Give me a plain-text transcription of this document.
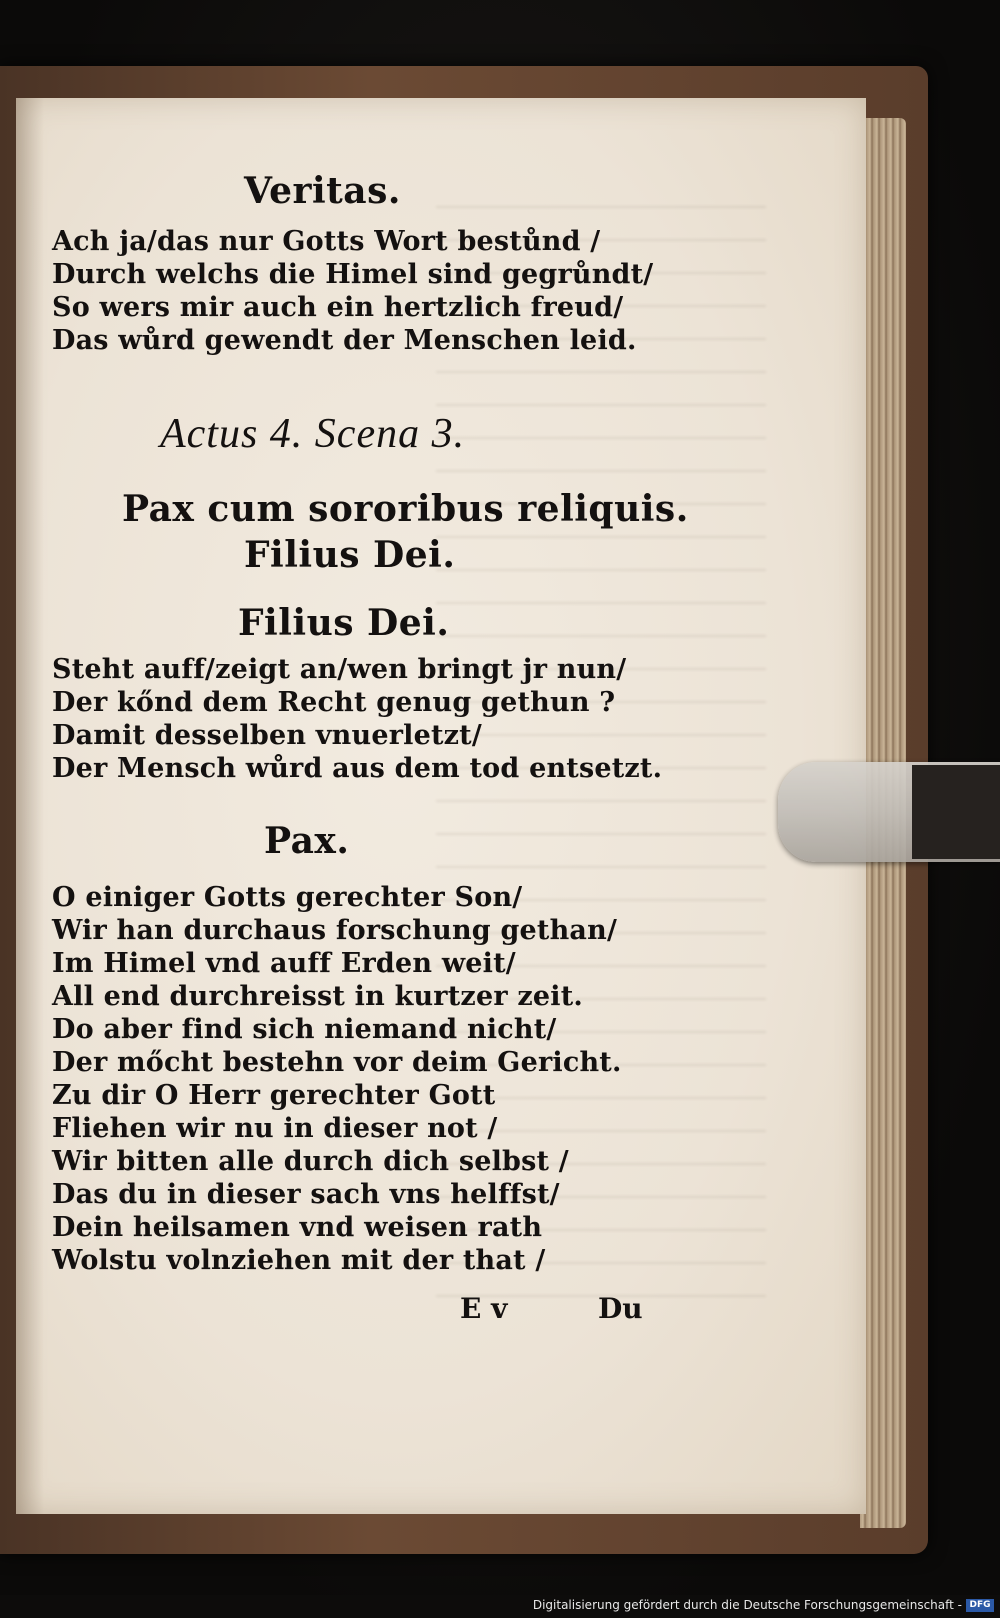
Veritas.
Ach ja/das nur Gotts Wort bestůnd /
Durch welchs die Himel sind gegrůndt/
So wers mir auch ein hertzlich freud/
Das wůrd gewendt der Menschen leid.
Actus 4. Scena 3.
Pax cum sororibus reliquis.
Filius Dei.
Filius Dei.
Steht auff/zeigt an/wen bringt jr nun/
Der kőnd dem Recht genug gethun ?
Damit desselben vnuerletzt/
Der Mensch wůrd aus dem tod entsetzt.
Pax.
O einiger Gotts gerechter Son/
Wir han durchaus forschung gethan/
Im Himel vnd auff Erden weit/
All end durchreisst in kurtzer zeit.
Do aber find sich niemand nicht/
Der mőcht bestehn vor deim Gericht.
Zu dir O Herr gerechter Gott
Fliehen wir nu in dieser not /
Wir bitten alle durch dich selbst /
Das du in dieser sach vns helffst/
Dein heilsamen vnd weisen rath
Wolstu volnziehen mit der that /
E v	Du
Digitalisierung gefördert durch die Deutsche Forschungsgemeinschaft - DFG
